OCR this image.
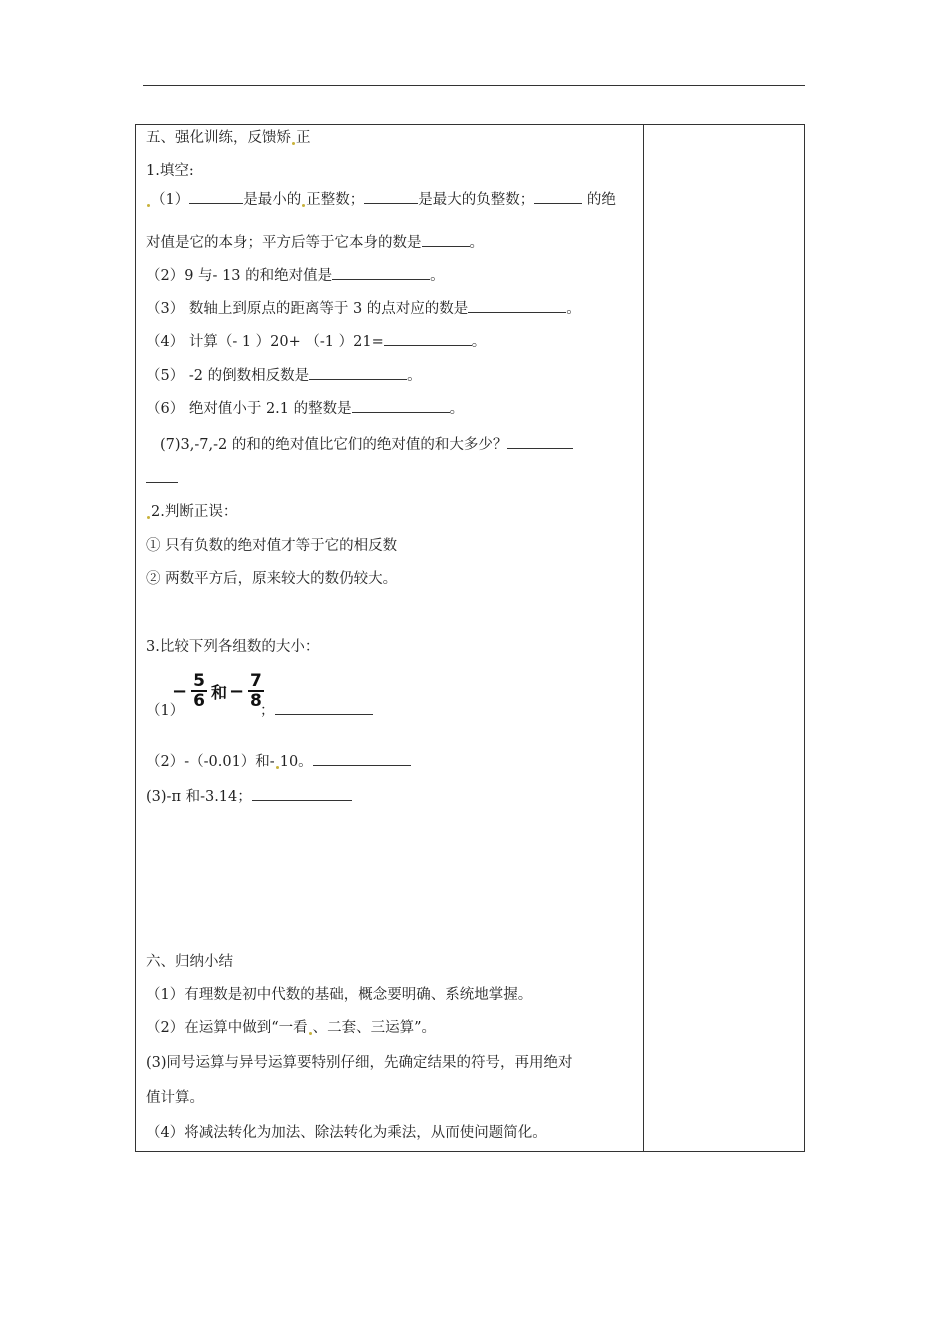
五、强化训练，反馈矫 正
1.填空:
（1）	是最小的 正整数；	是最大的负整数；	的绝
对值是它的本身；平方后等于它本身的数是	。
（2）9 与- 13 的和绝对值是	。
（3） 数轴上到原点的距离等于 3 的点对应的数是	。
（4） 计算（- 1 ）20+ （-1 ）21=	。
（5） -2 的倒数相反数是	。
（6） 绝对值小于 2.1 的整数是	。
(7)3,-7,-2 的和的绝对值比它们的绝对值的和大多少？
2.判断正误：
① 只有负数的绝对值才等于它的相反数
② 两数平方后，原来较大的数仍较大。
3.比较下列各组数的大小：
（1）
− $\frac{5}{6}$ 和 − $\frac{7}{8}$
；
（2）-（-0.01）和- 10。
(3)-π 和-3.14；
六、归纳小结
（1）有理数是初中代数的基础，概念要明确、系统地掌握。
（2）在运算中做到“一看 、二套、三运算”。
(3)同号运算与异号运算要特别仔细，先确定结果的符号，再用绝对
值计算。
（4）将减法转化为加法、除法转化为乘法，从而使问题简化。
